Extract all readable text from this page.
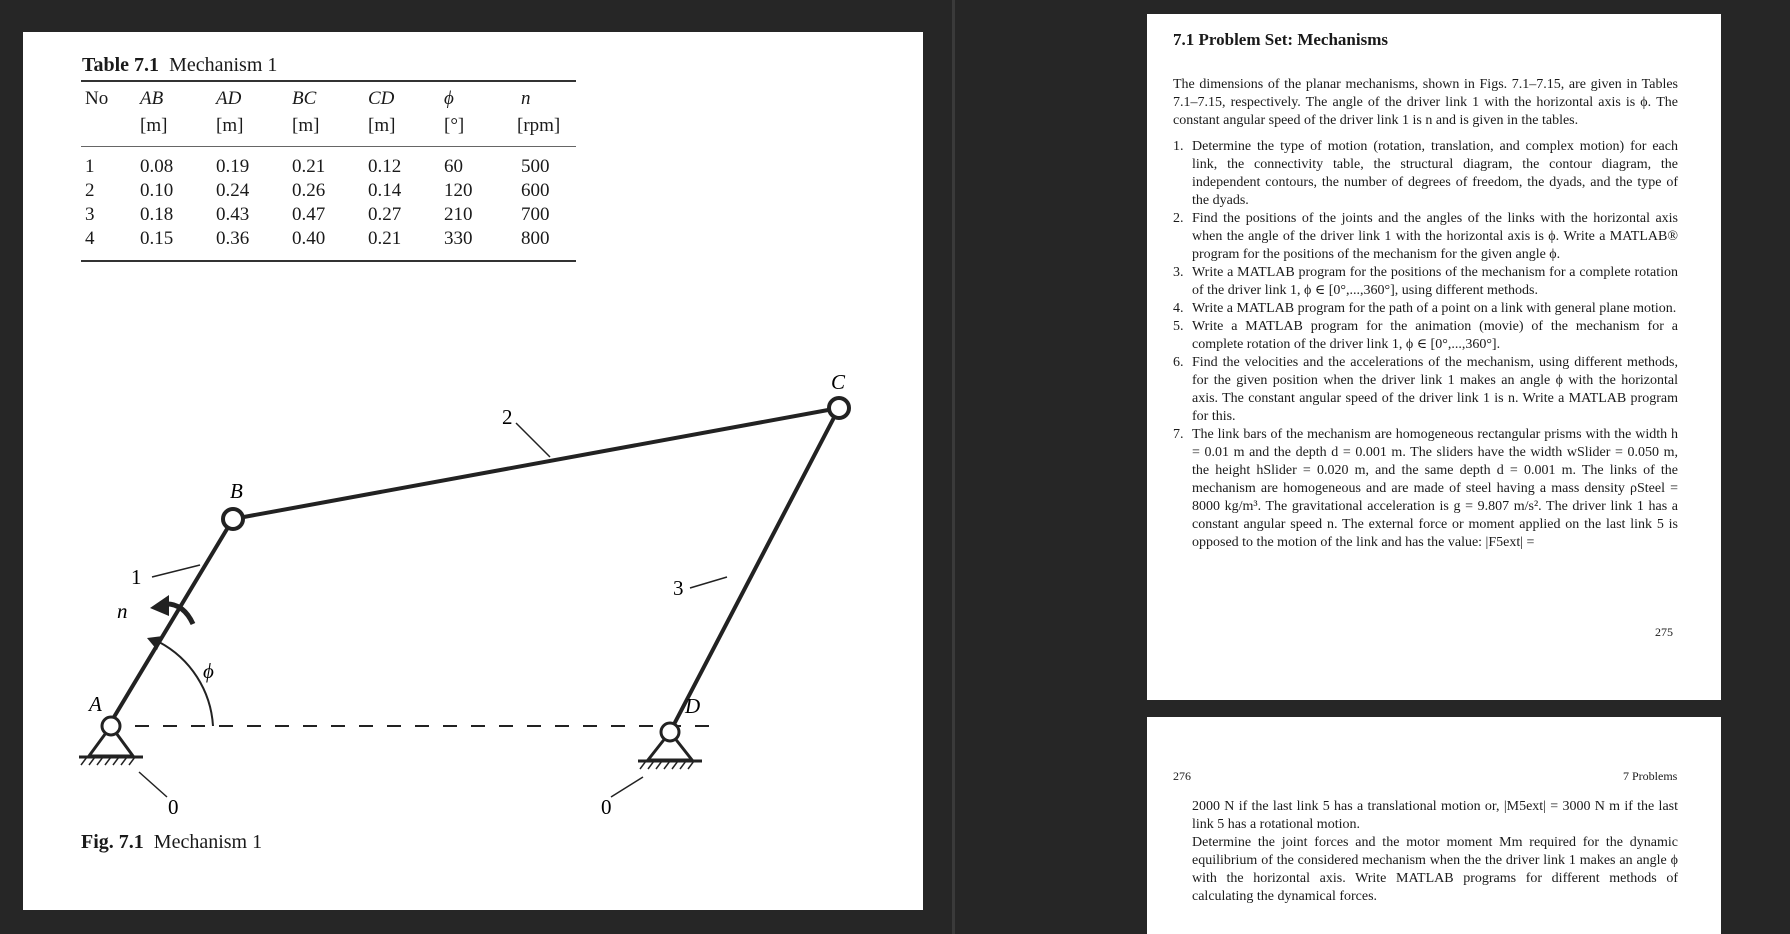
Table 7.1 Mechanism 1
No AB	AD	BC	CD	ϕ	n
[m]	[m]	[m]	[m]	[°]	[rpm]
1 0.08 0.19 0.21 0.12 60	500
2 0.10 0.24 0.26 0.14 120	600
3 0.18 0.43 0.47 0.27 210	700
4 0.15 0.36 0.40 0.21 330	800
A
B
C
D
1
2
3
0	0
n
ϕ
Fig. 7.1 Mechanism 1
7.1 Problem Set: Mechanisms
The dimensions of the planar mechanisms, shown in Figs. 7.1–7.15, are given in Tables 7.1–7.15, respectively. The angle of the driver link 1 with the horizontal axis is ϕ. The constant angular speed of the driver link 1 is n and is given in the tables.
1. Determine the type of motion (rotation, translation, and complex motion) for each link, the connectivity table, the structural diagram, the contour diagram, the independent contours, the number of degrees of freedom, the dyads, and the type of the dyads.
2. Find the positions of the joints and the angles of the links with the horizontal axis when the angle of the driver link 1 with the horizontal axis is ϕ. Write a MATLAB® program for the positions of the mechanism for the given angle ϕ.
3. Write a MATLAB program for the positions of the mechanism for a complete rotation of the driver link 1, ϕ ∈ [0°,...,360°], using different methods.
4. Write a MATLAB program for the path of a point on a link with general plane motion.
5. Write a MATLAB program for the animation (movie) of the mechanism for a complete rotation of the driver link 1, ϕ ∈ [0°,...,360°].
6. Find the velocities and the accelerations of the mechanism, using different methods, for the given position when the driver link 1 makes an angle ϕ with the horizontal axis. The constant angular speed of the driver link 1 is n. Write a MATLAB program for this.
7. The link bars of the mechanism are homogeneous rectangular prisms with the width h = 0.01 m and the depth d = 0.001 m. The sliders have the width wSlider = 0.050 m, the height hSlider = 0.020 m, and the same depth d = 0.001 m. The links of the mechanism are homogeneous and are made of steel having a mass density ρSteel = 8000 kg/m³. The gravitational acceleration is g = 9.807 m/s². The driver link 1 has a constant angular speed n. The external force or moment applied on the last link 5 is opposed to the motion of the link and has the value: |F5ext| =
275
276	7 Problems
2000 N if the last link 5 has a translational motion or, |M5ext| = 3000 N m if the last link 5 has a rotational motion.
Determine the joint forces and the motor moment Mm required for the dynamic equilibrium of the considered mechanism when the the driver link 1 makes an angle ϕ with the horizontal axis. Write MATLAB programs for different methods of calculating the dynamical forces.
